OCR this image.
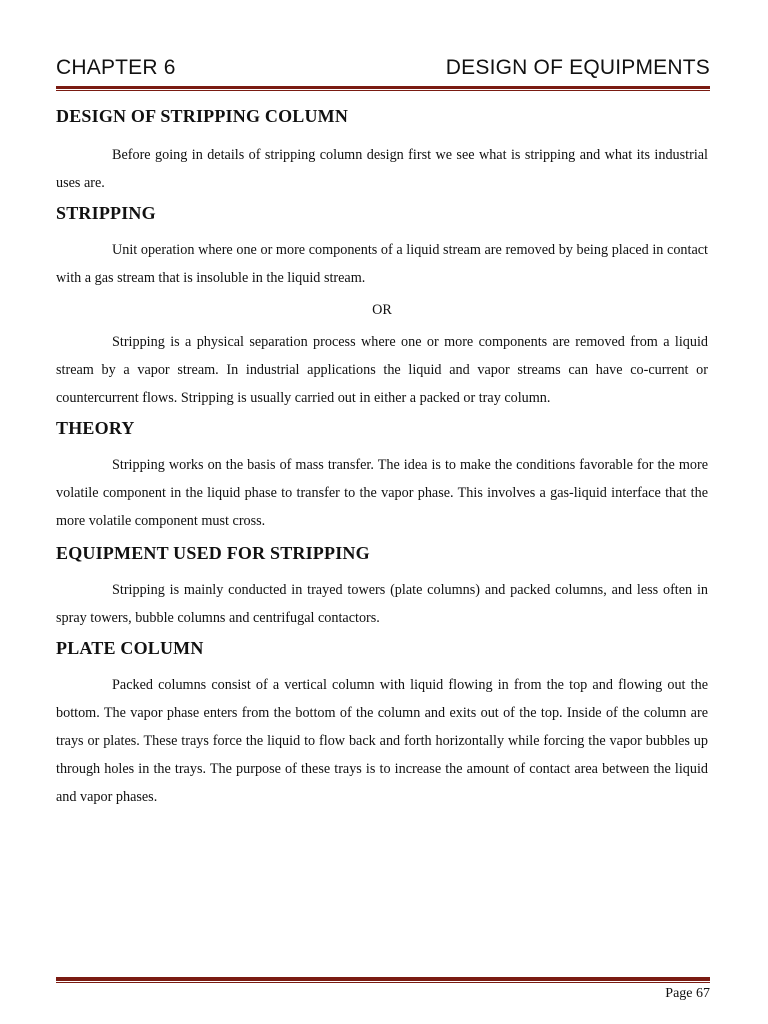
CHAPTER 6	DESIGN OF EQUIPMENTS
DESIGN OF STRIPPING COLUMN

Before going in details of stripping column design first we see what is stripping and what its industrial uses are.

STRIPPING

Unit operation where one or more components of a liquid stream are removed by being placed in contact with a gas stream that is insoluble in the liquid stream.

OR

Stripping is a physical separation process where one or more components are removed from a liquid stream by a vapor stream. In industrial applications the liquid and vapor streams can have co-current or countercurrent flows. Stripping is usually carried out in either a packed or tray column.

THEORY

Stripping works on the basis of mass transfer. The idea is to make the conditions favorable for the more volatile component in the liquid phase to transfer to the vapor phase. This involves a gas-liquid interface that the more volatile component must cross.

EQUIPMENT USED FOR STRIPPING

Stripping is mainly conducted in trayed towers (plate columns) and packed columns, and less often in spray towers, bubble columns and centrifugal contactors.

PLATE COLUMN

Packed columns consist of a vertical column with liquid flowing in from the top and flowing out the bottom. The vapor phase enters from the bottom of the column and exits out of the top. Inside of the column are trays or plates. These trays force the liquid to flow back and forth horizontally while forcing the vapor bubbles up through holes in the trays. The purpose of these trays is to increase the amount of contact area between the liquid and vapor phases.

Page 67
